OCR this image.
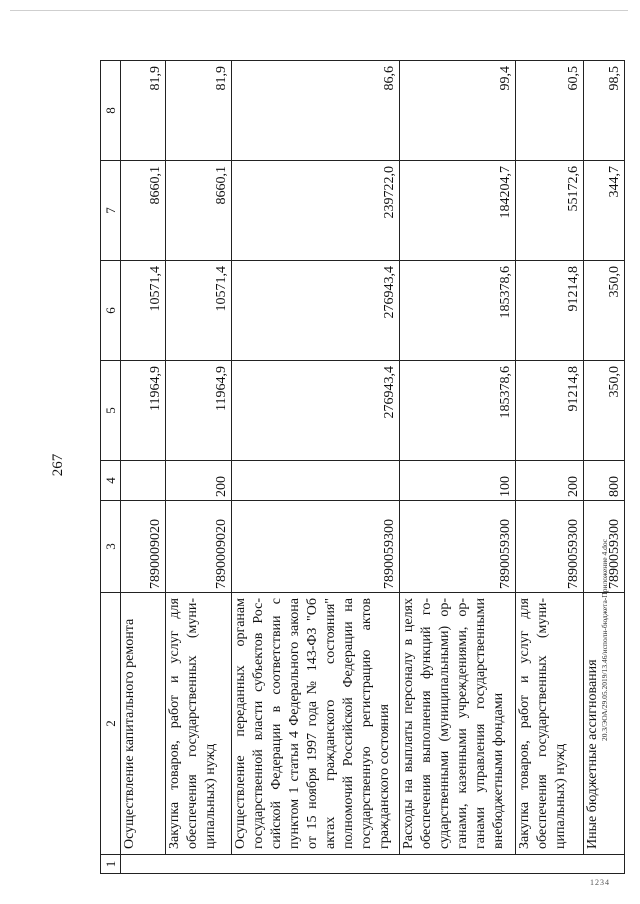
267
20.3/ЭОА/29.05.2019/13.46/исполн-бюджета-Приложение 4.doc
1234
1	2	3	4	5	6	7	8
	Осуществление капитального ремонта	7890009020		11964,9	10571,4	8660,1	81,9
	Закупка товаров, работ и услуг для обеспечения государственных (муниципальных) нужд	7890009020	200	11964,9	10571,4	8660,1	81,9
	Осуществление переданных органам государственной власти субъектов Российской Федерации в соответствии с пунктом 1 статьи 4 Федерального закона от 15 ноября 1997 года № 143-ФЗ "Об актах гражданского состояния" полномочий Российской Федерации на государственную регистрацию актов гражданского состояния	7890059300		276943,4	276943,4	239722,0	86,6
	Расходы на выплаты персоналу в целях обеспечения выполнения функций государственными (муниципальными) органами, казенными учреждениями, органами управления государственными внебюджетными фондами	7890059300	100	185378,6	185378,6	184204,7	99,4
	Закупка товаров, работ и услуг для обеспечения государственных (муниципальных) нужд	7890059300	200	91214,8	91214,8	55172,6	60,5
	Иные бюджетные ассигнования	7890059300	800	350,0	350,0	344,7	98,5
